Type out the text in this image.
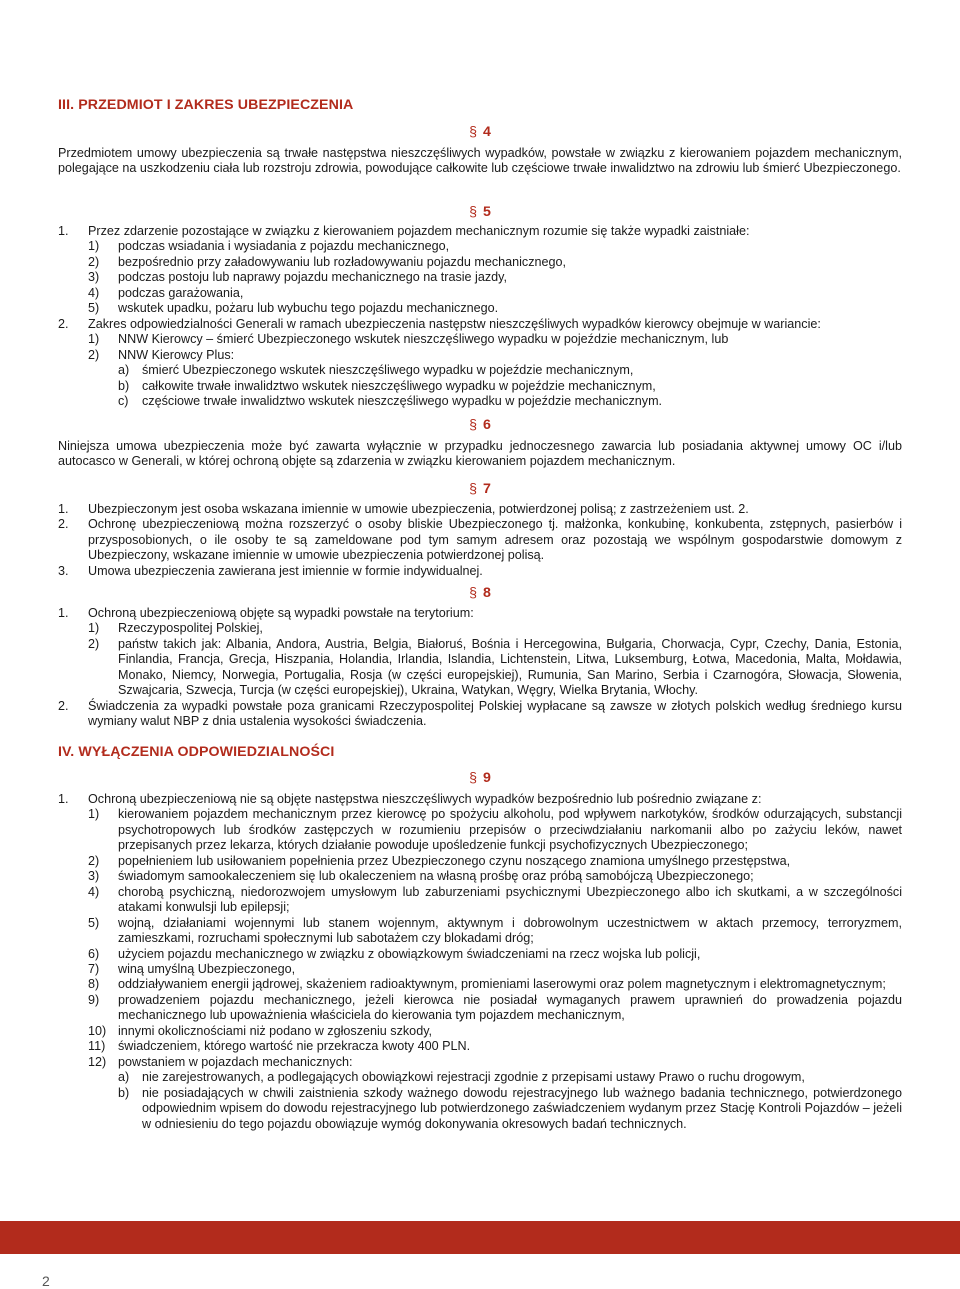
III. PRZEDMIOT I ZAKRES UBEZPIECZENIA
§ 4

Przedmiotem umowy ubezpieczenia są trwałe następstwa nieszczęśliwych wypadków, powstałe w związku z kierowaniem pojazdem mechanicznym, polegające na uszkodzeniu ciała lub rozstroju zdrowia, powodujące całkowite lub częściowe trwałe inwalidztwo na zdrowiu lub śmierć Ubezpieczonego.

§ 5

1. Przez zdarzenie pozostające w związku z kierowaniem pojazdem mechanicznym rozumie się także wypadki zaistniałe:

1) podczas wsiadania i wysiadania z pojazdu mechanicznego,

2) bezpośrednio przy załadowywaniu lub rozładowywaniu pojazdu mechanicznego,

3) podczas postoju lub naprawy pojazdu mechanicznego na trasie jazdy,

4) podczas garażowania,

5) wskutek upadku, pożaru lub wybuchu tego pojazdu mechanicznego.

2. Zakres odpowiedzialności Generali w ramach ubezpieczenia następstw nieszczęśliwych wypadków kierowcy obejmuje w wariancie:

1) NNW Kierowcy – śmierć Ubezpieczonego wskutek nieszczęśliwego wypadku w pojeździe mechanicznym, lub

2) NNW Kierowcy Plus:

a) śmierć Ubezpieczonego wskutek nieszczęśliwego wypadku w pojeździe mechanicznym,

b) całkowite trwałe inwalidztwo wskutek nieszczęśliwego wypadku w pojeździe mechanicznym,

c) częściowe trwałe inwalidztwo wskutek nieszczęśliwego wypadku w pojeździe mechanicznym.

§ 6

Niniejsza umowa ubezpieczenia może być zawarta wyłącznie w przypadku jednoczesnego zawarcia lub posiadania aktywnej umowy OC i/lub autocasco w Generali, w której ochroną objęte są zdarzenia w związku kierowaniem pojazdem mechanicznym.

§ 7

1. Ubezpieczonym jest osoba wskazana imiennie w umowie ubezpieczenia, potwierdzonej polisą; z zastrzeżeniem ust. 2.

2. Ochronę ubezpieczeniową można rozszerzyć o osoby bliskie Ubezpieczonego tj. małżonka, konkubinę, konkubenta, zstępnych, pasierbów i przysposobionych, o ile osoby te są zameldowane pod tym samym adresem oraz pozostają we wspólnym gospodarstwie domowym z Ubezpieczony, wskazane imiennie w umowie ubezpieczenia potwierdzonej polisą.

3. Umowa ubezpieczenia zawierana jest imiennie w formie indywidualnej.

§ 8

1. Ochroną ubezpieczeniową objęte są wypadki powstałe na terytorium:

1) Rzeczypospolitej Polskiej,

2) państw takich jak: Albania, Andora, Austria, Belgia, Białoruś, Bośnia i Hercegowina, Bułgaria, Chorwacja, Cypr, Czechy, Dania, Estonia, Finlandia, Francja, Grecja, Hiszpania, Holandia, Irlandia, Islandia, Lichtenstein, Litwa, Luksemburg, Łotwa, Macedonia, Malta, Mołdawia, Monako, Niemcy, Norwegia, Portugalia, Rosja (w części europejskiej), Rumunia, San Marino, Serbia i Czarnogóra, Słowacja, Słowenia, Szwajcaria, Szwecja, Turcja (w części europejskiej), Ukraina, Watykan, Węgry, Wielka Brytania, Włochy.

2. Świadczenia za wypadki powstałe poza granicami Rzeczypospolitej Polskiej wypłacane są zawsze w złotych polskich według średniego kursu wymiany walut NBP z dnia ustalenia wysokości świadczenia.

IV. WYŁĄCZENIA ODPOWIEDZIALNOŚCI
§ 9

1. Ochroną ubezpieczeniową nie są objęte następstwa nieszczęśliwych wypadków bezpośrednio lub pośrednio związane z:

1) kierowaniem pojazdem mechanicznym przez kierowcę po spożyciu alkoholu, pod wpływem narkotyków, środków odurzających, substancji psychotropowych lub środków zastępczych w rozumieniu przepisów o przeciwdziałaniu narkomanii albo po zażyciu leków, nawet przepisanych przez lekarza, których działanie powoduje upośledzenie funkcji psychofizycznych Ubezpieczonego;

2) popełnieniem lub usiłowaniem popełnienia przez Ubezpieczonego czynu noszącego znamiona umyślnego przestępstwa,

3) świadomym samookaleczeniem się lub okaleczeniem na własną prośbę oraz próbą samobójczą Ubezpieczonego;

4) chorobą psychiczną, niedorozwojem umysłowym lub zaburzeniami psychicznymi Ubezpieczonego albo ich skutkami, a w szczególności atakami konwulsji lub epilepsji;

5) wojną, działaniami wojennymi lub stanem wojennym, aktywnym i dobrowolnym uczestnictwem w aktach przemocy, terroryzmem, zamieszkami, rozruchami społecznymi lub sabotażem czy blokadami dróg;

6) użyciem pojazdu mechanicznego w związku z obowiązkowym świadczeniami na rzecz wojska lub policji,

7) winą umyślną Ubezpieczonego,

8) oddziaływaniem energii jądrowej, skażeniem radioaktywnym, promieniami laserowymi oraz polem magnetycznym i elektromagnetycznym;

9) prowadzeniem pojazdu mechanicznego, jeżeli kierowca nie posiadał wymaganych prawem uprawnień do prowadzenia pojazdu mechanicznego lub upoważnienia właściciela do kierowania tym pojazdem mechanicznym,

10) innymi okolicznościami niż podano w zgłoszeniu szkody,

11) świadczeniem, którego wartość nie przekracza kwoty 400 PLN.

12) powstaniem w pojazdach mechanicznych:

a) nie zarejestrowanych, a podlegających obowiązkowi rejestracji zgodnie z przepisami ustawy Prawo o ruchu drogowym,

b) nie posiadających w chwili zaistnienia szkody ważnego dowodu rejestracyjnego lub ważnego badania technicznego, potwierdzonego odpowiednim wpisem do dowodu rejestracyjnego lub potwierdzonego zaświadczeniem wydanym przez Stację Kontroli Pojazdów – jeżeli w odniesieniu do tego pojazdu obowiązuje wymóg dokonywania okresowych badań technicznych.

2
